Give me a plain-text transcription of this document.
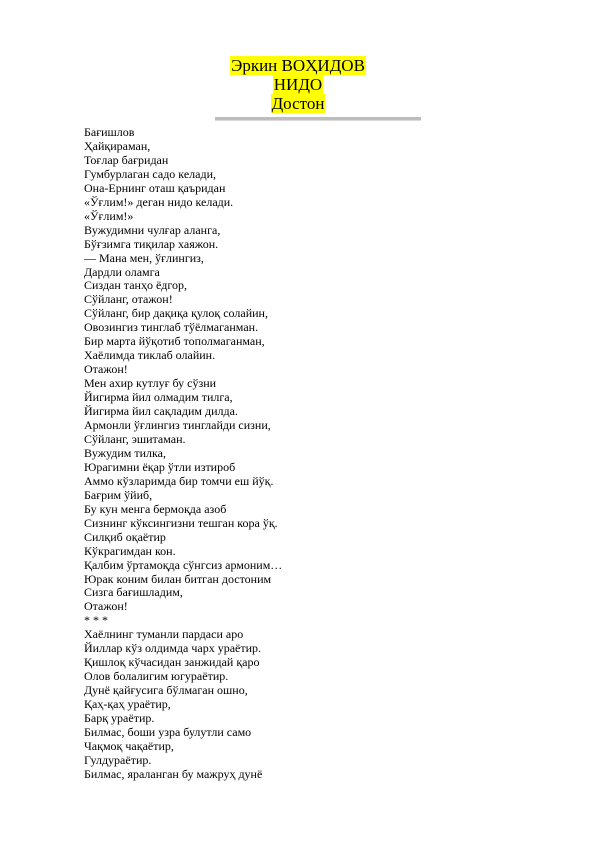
Эркин ВОҲИДОВ
НИДО
Достон
Бағишлов
Ҳайқираман,
Тоғлар бағридан
Гумбурлаган садо келади,
Она-Ернинг оташ қаъридан
«Ўғлим!» деган нидо келади.
«Ўғлим!»
Вужудимни чулғар аланга,
Бўғзимга тиқилар хаяжон.
— Мана мен, ўғлингиз,
Дардли оламга
Сиздан танҳо ёдгор,
Сўйланг, отажон!
Сўйланг, бир дақиқа қулоқ солайин,
Овозингиз тинглаб тўёлмаганман.
Бир марта йўқотиб тополмаганман,
Хаёлимда тиклаб олайин.
Отажон!
Мен ахир кутлуғ бу сўзни
Йигирма йил олмадим тилга,
Йигирма йил сақладим дилда.
Армонли ўғлингиз тинглайди сизни,
Сўйланг, эшитаман.
Вужудим тилка,
Юрагимни ёқар ўтли изтироб
Аммо кўзларимда бир томчи еш йўқ.
Бағрим ўйиб,
Бу кун менга бермоқда азоб
Сизнинг кўксингизни тешган кора ўқ.
Силқиб оқаётир
Кўкрагимдан кон.
Қалбим ўртамоқда сўнгсиз армоним…
Юрак коним билан битган достоним
Сизга бағишладим,
Отажон!
* * *
Хаёлнинг туманли пардаси аро
Йиллар кўз олдимда чарх ураётир.
Қишлоқ кўчасидан занжидай қаро
Олов болалигим югураётир.
Дунё қайғусига бўлмаган ошно,
Қаҳ-қаҳ ураётир,
Барқ ураётир.
Билмас, боши узра булутли само
Чақмоқ чақаётир,
Гулдураётир.
Билмас, яраланган бу мажруҳ дунё
